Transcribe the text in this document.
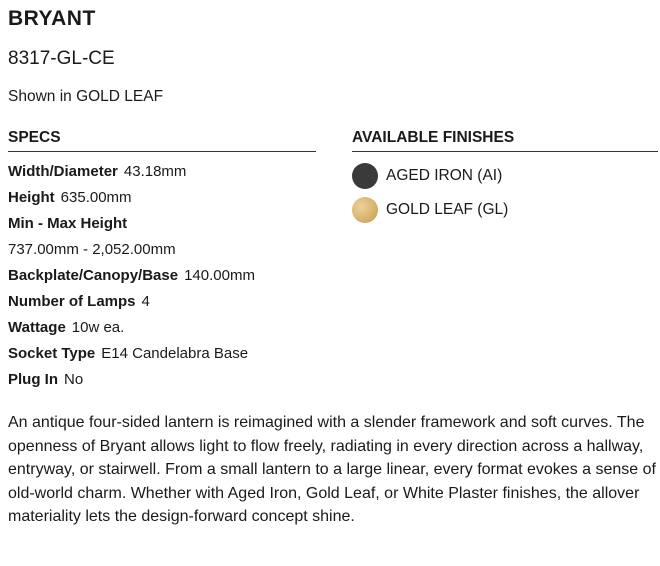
BRYANT
8317-GL-CE
Shown in GOLD LEAF
SPECS
Width/Diameter 43.18mm
Height 635.00mm
Min - Max Height
737.00mm - 2,052.00mm
Backplate/Canopy/Base 140.00mm
Number of Lamps 4
Wattage 10w ea.
Socket Type E14 Candelabra Base
Plug In No
AVAILABLE FINISHES
AGED IRON (AI)
GOLD LEAF (GL)

An antique four-sided lantern is reimagined with a slender framework and soft curves. The openness of Bryant allows light to flow freely, radiating in every direction across a hallway, entryway, or stairwell. From a small lantern to a large linear, every format evokes a sense of old-world charm. Whether with Aged Iron, Gold Leaf, or White Plaster finishes, the allover materiality lets the design-forward concept shine.
